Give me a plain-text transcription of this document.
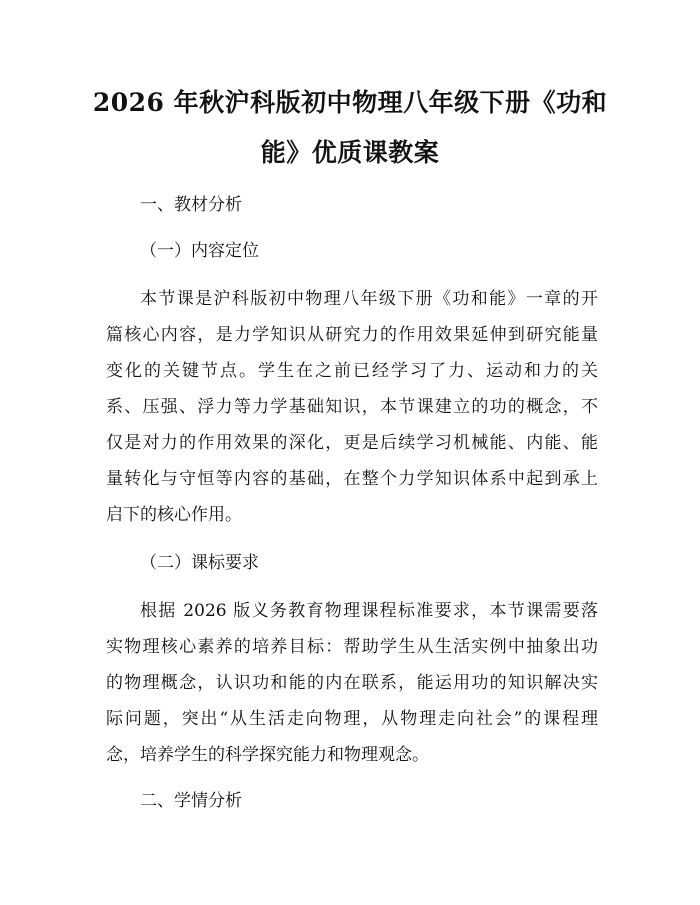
2026 年秋沪科版初中物理八年级下册《功和
能》优质课教案
一、教材分析
（一）内容定位
本节课是沪科版初中物理八年级下册《功和能》一章的开
篇核心内容，是力学知识从研究力的作用效果延伸到研究能量
变化的关键节点。学生在之前已经学习了力、运动和力的关
系、压强、浮力等力学基础知识，本节课建立的功的概念，不
仅是对力的作用效果的深化，更是后续学习机械能、内能、能
量转化与守恒等内容的基础，在整个力学知识体系中起到承上
启下的核心作用。
（二）课标要求
根据 2026 版义务教育物理课程标准要求，本节课需要落
实物理核心素养的培养目标：帮助学生从生活实例中抽象出功
的物理概念，认识功和能的内在联系，能运用功的知识解决实
际问题，突出“从生活走向物理，从物理走向社会”的课程理
念，培养学生的科学探究能力和物理观念。
二、学情分析
